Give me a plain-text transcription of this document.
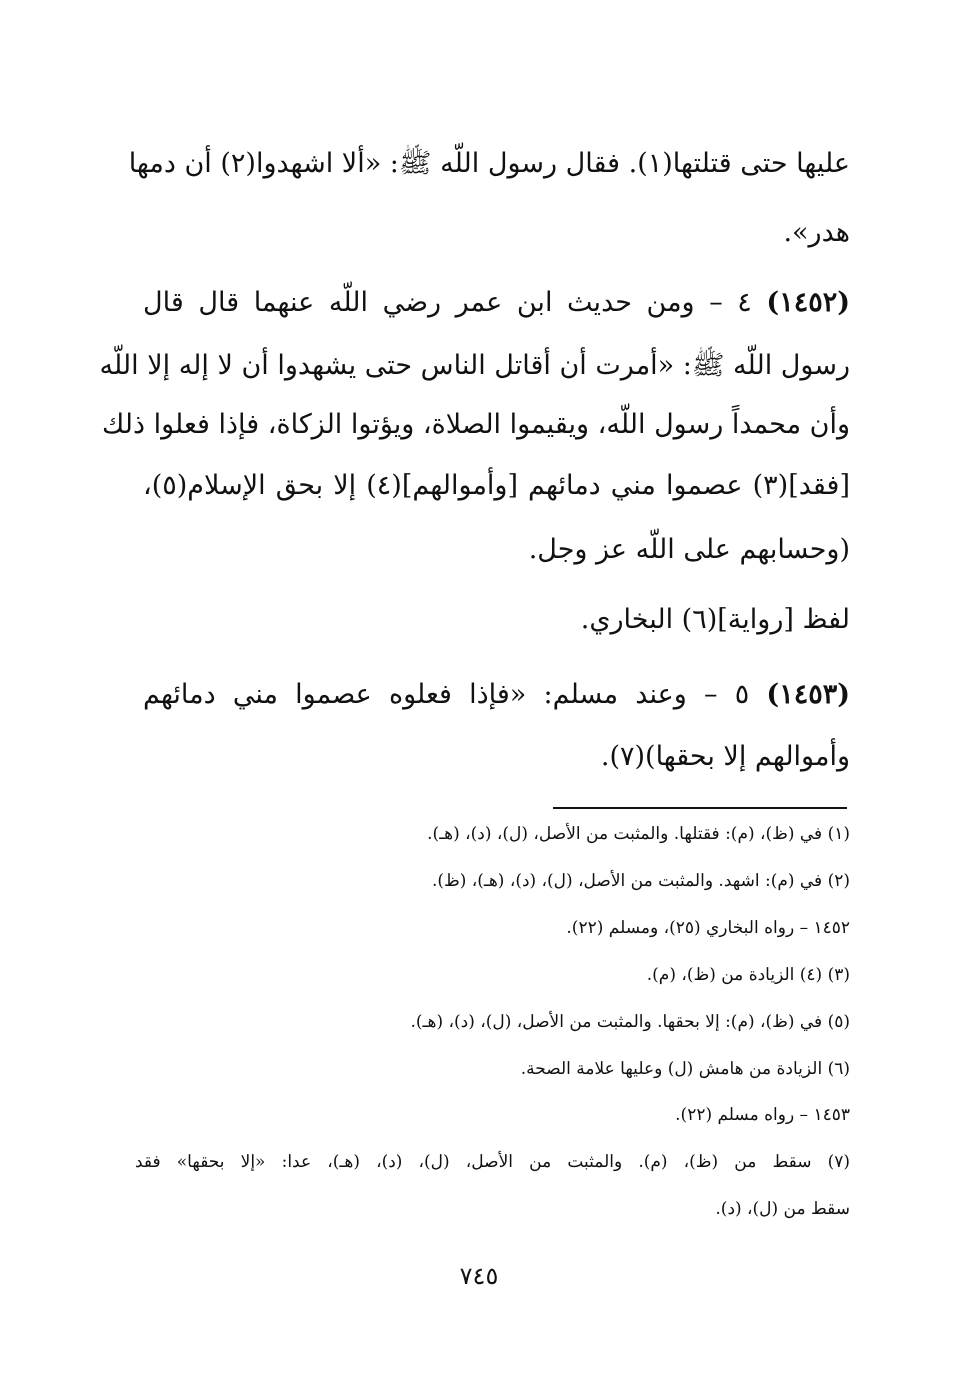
عليها حتى قتلتها(١). فقال رسول اللّه ﷺ: «ألا اشهدوا(٢) أن دمها
هدر».
(١٤٥٢) ٤ – ومن حديث ابن عمر رضي اللّه عنهما قال قال
رسول اللّه ﷺ: «أمرت أن أقاتل الناس حتى يشهدوا أن لا إله إلا اللّه
وأن محمداً رسول اللّه، ويقيموا الصلاة، ويؤتوا الزكاة، فإذا فعلوا ذلك
[فقد](٣) عصموا مني دمائهم [وأموالهم](٤) إلا بحق الإسلام(٥)،
(وحسابهم على اللّه عز وجل.
لفظ [رواية](٦) البخاري.
(١٤٥٣) ٥ – وعند مسلم: «فإذا فعلوه عصموا مني دمائهم
وأموالهم إلا بحقها)(٧).
(١) في (ظ)، (م): فقتلها. والمثبت من الأصل، (ل)، (د)، (هـ).
(٢) في (م): اشهد. والمثبت من الأصل، (ل)، (د)، (هـ)، (ظ).
١٤٥٢ – رواه البخاري (٢٥)، ومسلم (٢٢).
(٣) (٤) الزيادة من (ظ)، (م).
(٥) في (ظ)، (م): إلا بحقها. والمثبت من الأصل، (ل)، (د)، (هـ).
(٦) الزيادة من هامش (ل) وعليها علامة الصحة.
١٤٥٣ – رواه مسلم (٢٢).
(٧) سقط من (ظ)، (م). والمثبت من الأصل، (ل)، (د)، (هـ)، عدا: «إلا بحقها» فقد
سقط من (ل)، (د).
٧٤٥
